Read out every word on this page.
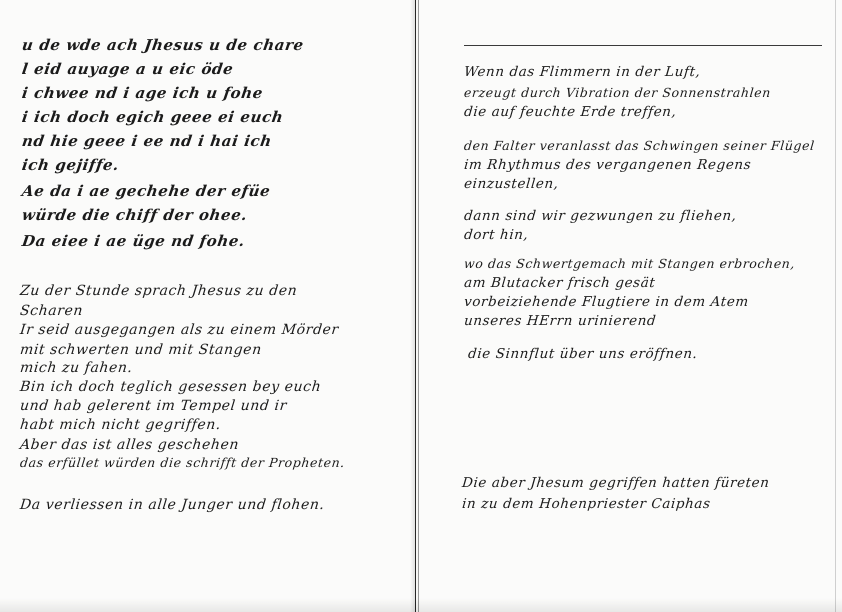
u de wde ach Jhesus u de chare
l eid auyage a u eic öde
i chwee nd i age ich u fohe
i ich doch egich geee ei euch
nd hie geee i ee nd i hai ich
ich gejiffe.
Ae da i ae gechehe der efüe
würde die chiff der ohee.
Da eiee i ae üge nd fohe.
Zu der Stunde sprach Jhesus zu den
Scharen
Ir seid ausgegangen als zu einem Mörder
mit schwerten und mit Stangen
mich zu fahen.
Bin ich doch teglich gesessen bey euch
und hab gelerent im Tempel und ir
habt mich nicht gegriffen.
Aber das ist alles geschehen
das erfüllet würden die schrifft der Propheten.
Da verliessen in alle Junger und flohen.
Wenn das Flimmern in der Luft,
erzeugt durch Vibration der Sonnenstrahlen
die auf feuchte Erde treffen,
den Falter veranlasst das Schwingen seiner Flügel
im Rhythmus des vergangenen Regens
einzustellen,
dann sind wir gezwungen zu fliehen,
dort hin,
wo das Schwertgemach mit Stangen erbrochen,
am Blutacker frisch gesät
vorbeiziehende Flugtiere in dem Atem
unseres HErrn urinierend
die Sinnflut über uns eröffnen.
Die aber Jhesum gegriffen hatten füreten
in zu dem Hohenpriester Caiphas
